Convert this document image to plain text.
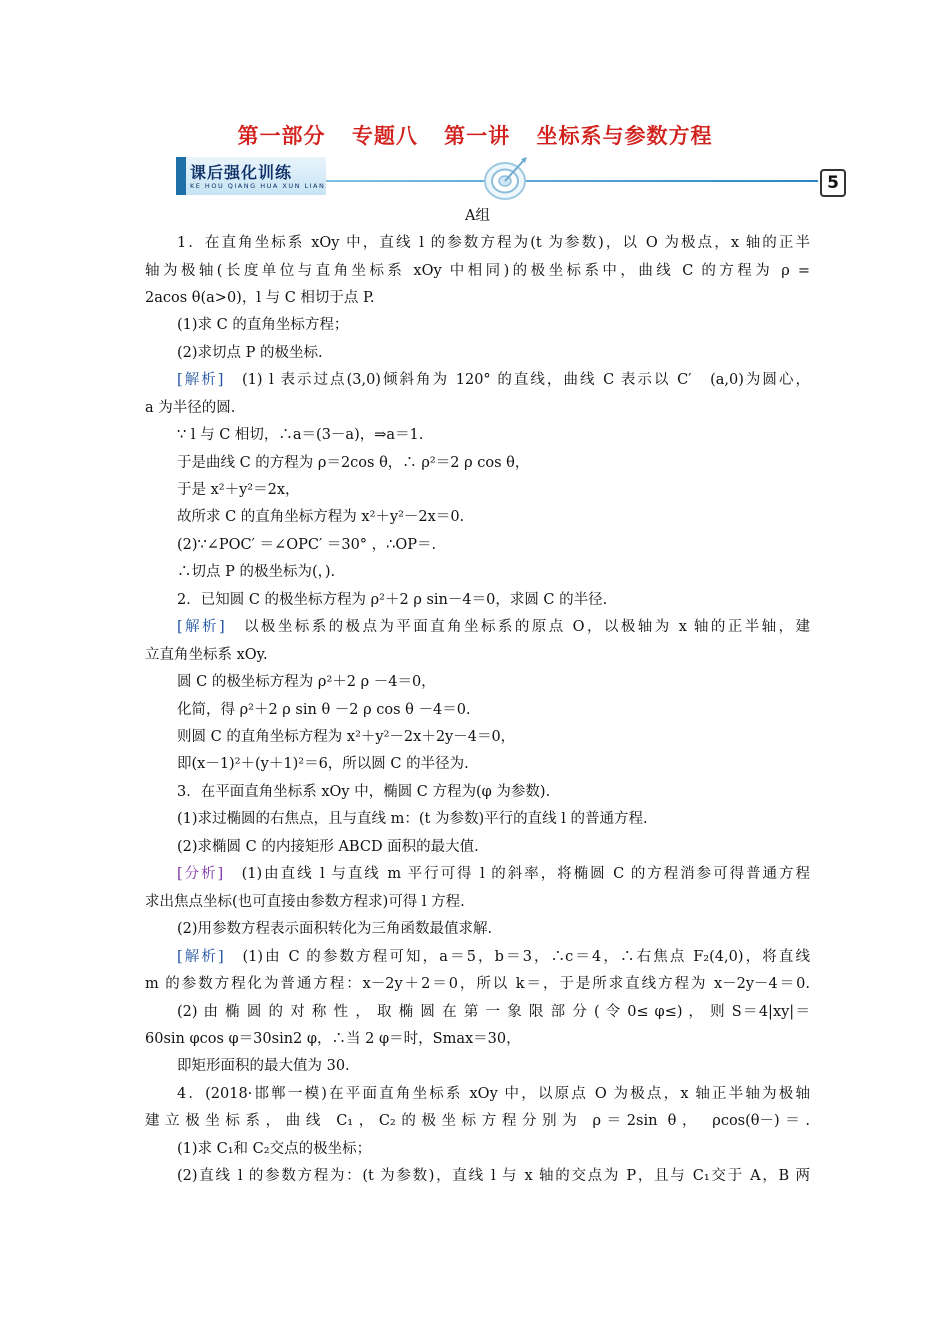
第一部分 专题八 第一讲 坐标系与参数方程
课后强化训练
KE HOU QIANG HUA XUN LIAN	5
A组
1．在直角坐标系 xOy 中，直线 l 的参数方程为(t 为参数)，以 O 为极点，x 轴的正半
轴为极轴(长度单位与直角坐标系 xOy 中相同)的极坐标系中，曲线 C 的方程为 ρ =
2acos θ(a>0)，l 与 C 相切于点 P.
(1)求 C 的直角坐标方程；
(2)求切点 P 的极坐标.
[解析]　(1) l 表示过点(3,0)倾斜角为 120° 的直线，曲线 C 表示以 C′　(a,0)为圆心，
a 为半径的圆.
∵ l 与 C 相切，∴a＝(3－a)，⇒a＝1.
于是曲线 C 的方程为 ρ＝2cos θ，∴ ρ²＝2 ρ cos θ，
于是 x²＋y²＝2x，
故所求 C 的直角坐标方程为 x²＋y²－2x＝0.
(2)∵∠POC′ ＝∠OPC′ ＝30° ，∴OP＝.
∴切点 P 的极坐标为(，).
2．已知圆 C 的极坐标方程为 ρ²＋2 ρ sin－4＝0，求圆 C 的半径.
[解析]　以极坐标系的极点为平面直角坐标系的原点 O，以极轴为 x 轴的正半轴，建
立直角坐标系 xOy.
圆 C 的极坐标方程为 ρ²＋2 ρ －4＝0，
化简，得 ρ²＋2 ρ sin θ －2 ρ cos θ －4＝0.
则圆 C 的直角坐标方程为 x²＋y²－2x＋2y－4＝0，
即(x－1)²＋(y＋1)²＝6，所以圆 C 的半径为.
3．在平面直角坐标系 xOy 中，椭圆 C 方程为(φ 为参数).
(1)求过椭圆的右焦点，且与直线 m：(t 为参数)平行的直线 l 的普通方程.
(2)求椭圆 C 的内接矩形 ABCD 面积的最大值.
[分析]　(1)由直线 l 与直线 m 平行可得 l 的斜率，将椭圆 C 的方程消参可得普通方程
求出焦点坐标(也可直接由参数方程求)可得 l 方程.
(2)用参数方程表示面积转化为三角函数最值求解.
[解析]　(1)由 C 的参数方程可知，a＝5，b＝3，∴c＝4，∴右焦点 F₂(4,0)，将直线
m 的参数方程化为普通方程：x－2y＋2＝0，所以 k＝，于是所求直线方程为 x－2y－4＝0.
(2) 由 椭 圆 的 对 称 性 ， 取 椭 圆 在 第 一 象 限 部 分 ( 令 0≤ φ≤) ， 则 S＝4|xy|＝
60sin φcos φ＝30sin2 φ，∴当 2 φ＝时，Smax＝30，
即矩形面积的最大值为 30.
4．(2018·邯郸一模)在平面直角坐标系 xOy 中，以原点 O 为极点，x 轴正半轴为极轴
建立极坐标系，曲线 C₁，C₂的极坐标方程分别为 ρ＝2sin θ， ρcos(θ－)＝.
(1)求 C₁和 C₂交点的极坐标；
(2)直线 l 的参数方程为：(t 为参数)，直线 l 与 x 轴的交点为 P，且与 C₁交于 A，B 两
